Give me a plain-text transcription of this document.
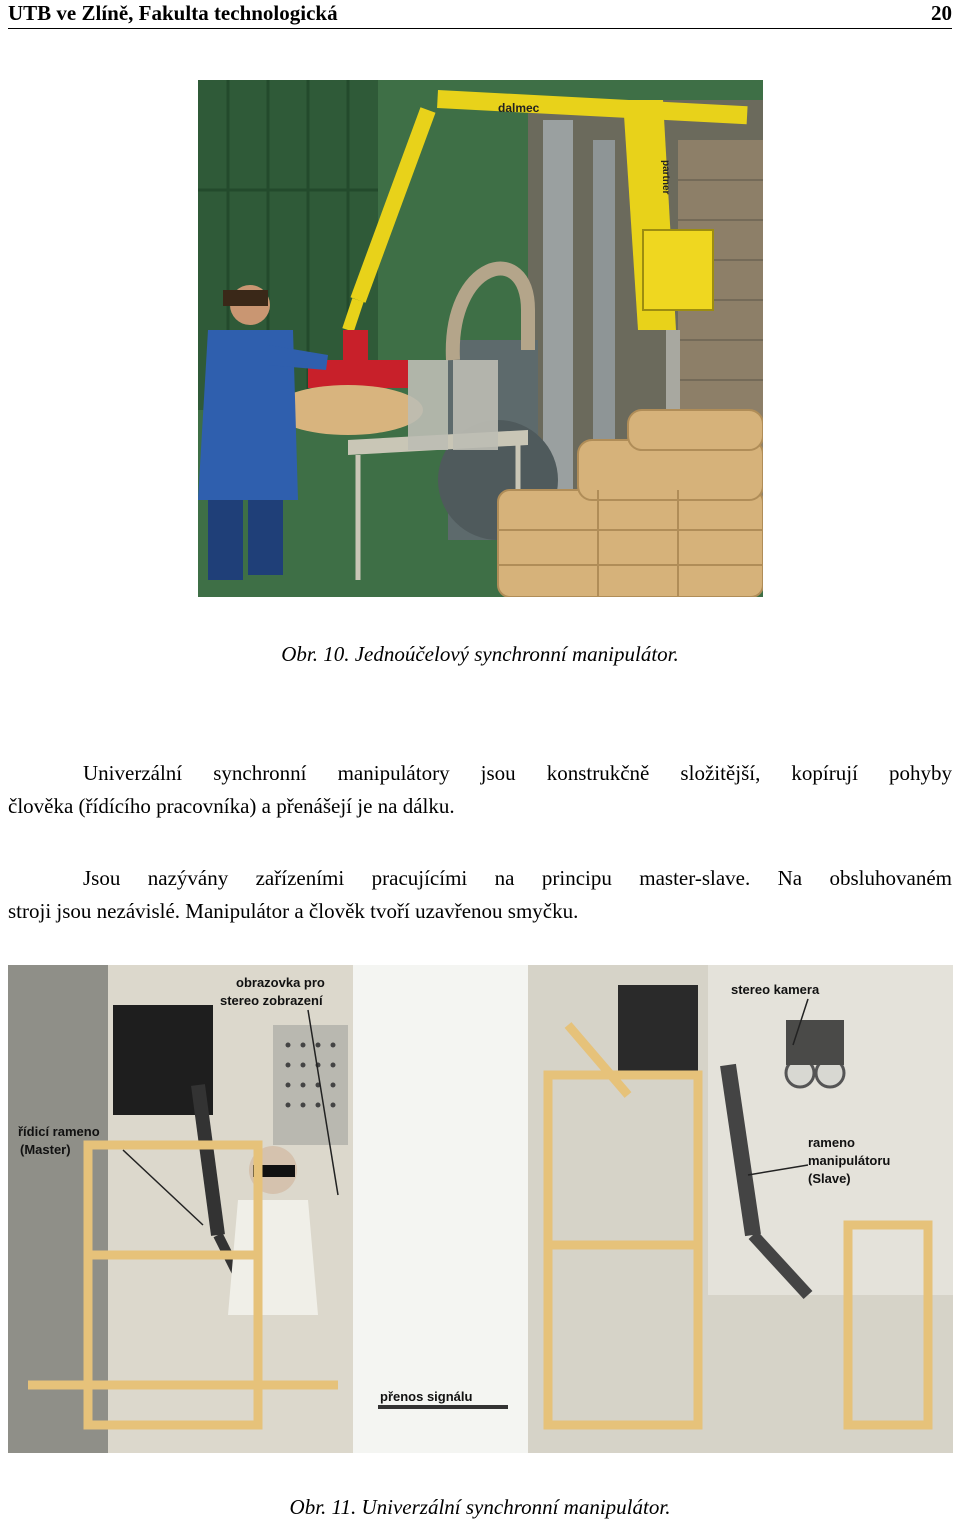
UTB ve Zlíně, Fakulta technologická	20
dalmec
partner
Obr. 10. Jednoúčelový synchronní manipulátor.

Univerzální synchronní manipulátory jsou konstrukčně složitější, kopírují pohyby
člověka (řídícího pracovníka) a přenášejí je na dálku.

Jsou nazývány zařízeními pracujícími na principu master-slave. Na obsluhovaném
stroji jsou nezávislé. Manipulátor a člověk tvoří uzavřenou smyčku.

obrazovka pro
stereo zobrazení
řídicí rameno
(Master)
přenos signálu
stereo kamera
rameno
manipulátoru
(Slave)
Obr. 11. Univerzální synchronní manipulátor.
